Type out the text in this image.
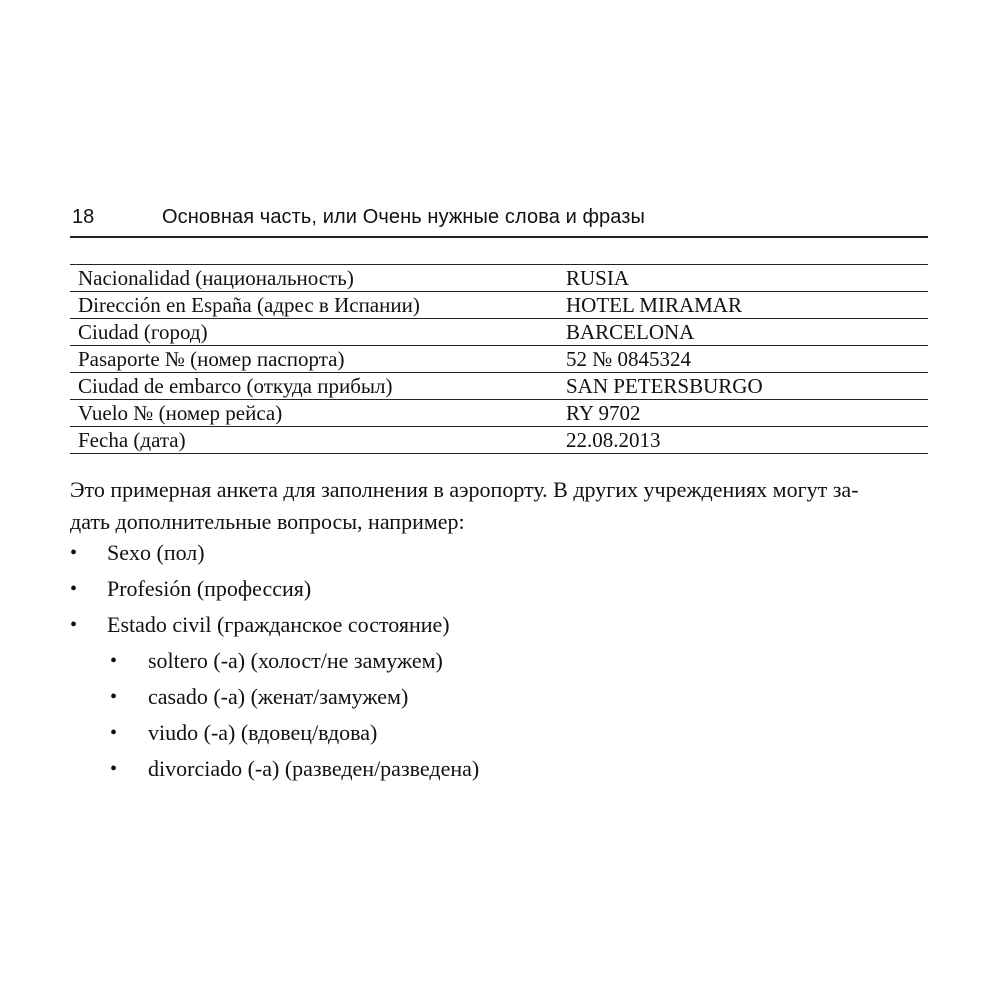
18	Основная часть, или Очень нужные слова и фразы
Nacionalidad (национальность)	RUSIA
Dirección en España (адрес в Испании)	HOTEL MIRAMAR
Ciudad (город)	BARCELONA
Pasaporte № (номер паспорта)	52 № 0845324
Ciudad de embarco (откуда прибыл)	SAN PETERSBURGO
Vuelo № (номер рейса)	RY 9702
Fecha (дата)	22.08.2013

Это примерная анкета для заполнения в аэропорту. В других учреждениях могут за-
дать дополнительные вопросы, например:

• Sexo (пол)
• Profesión (профессия)
• Estado civil (гражданское состояние)
• soltero (-a) (холост/не замужем)
• casado (-a) (женат/замужем)
• viudo (-a) (вдовец/вдова)
• divorciado (-a) (разведен/разведена)
